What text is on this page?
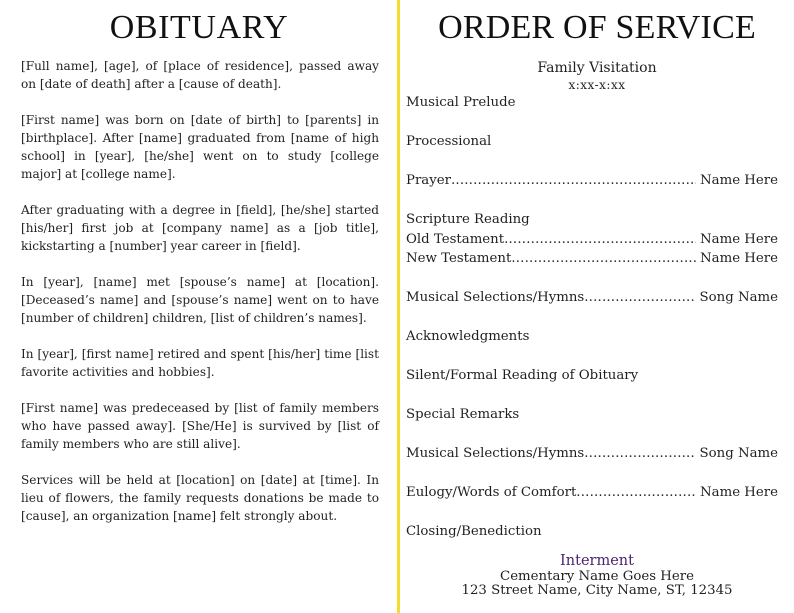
OBITUARY

[Full name], [age], of [place of residence], passed away on [date of death] after a [cause of death].

[First name] was born on [date of birth] to [parents] in [birthplace]. After [name] graduated from [name of high school] in [year], [he/she] went on to study [college major] at [college name].

After graduating with a degree in [field], [he/she] started [his/her] first job at [company name] as a [job title], kickstarting a [number] year career in [field].

In [year], [name] met [spouse’s name] at [location]. [Deceased’s name] and [spouse’s name] went on to have [number of children] children, [list of children’s names].

In [year], [first name] retired and spent [his/her] time [list favorite activities and hobbies].

[First name] was predeceased by [list of family members who have passed away]. [She/He] is survived by [list of family members who are still alive].

Services will be held at [location] on [date] at [time]. In lieu of flowers, the family requests donations be made to [cause], an organization [name] felt strongly about.

ORDER OF SERVICE
Family Visitation
x:xx-x:xx
Musical Prelude
Processional
Prayer .....	Name Here
Scripture Reading
Old Testament .....	Name Here
New Testament .....	Name Here
Musical Selections/Hymns .....	Song Name
Acknowledgments
Silent/Formal Reading of Obituary
Special Remarks
Musical Selections/Hymns .....	Song Name
Eulogy/Words of Comfort .....	Name Here
Closing/Benediction
Interment
Cementary Name Goes Here
123 Street Name, City Name, ST, 12345
